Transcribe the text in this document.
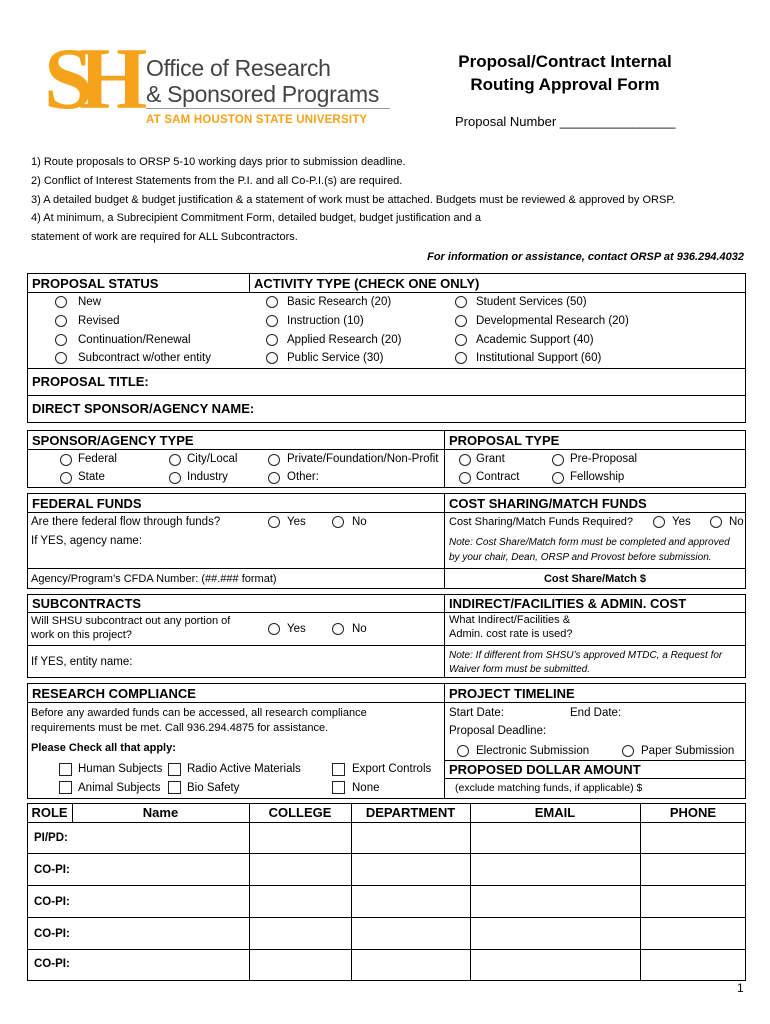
SH Office of Research
& Sponsored Programs
AT SAM HOUSTON STATE UNIVERSITY
Proposal/Contract Internal
Routing Approval Form
Proposal Number ________________
1) Route proposals to ORSP 5-10 working days prior to submission deadline.
2) Conflict of Interest Statements from the P.I. and all Co-P.I.(s) are required.
3) A detailed budget & budget justification & a statement of work must be attached. Budgets must be reviewed & approved by ORSP.
4) At minimum, a Subrecipient Commitment Form, detailed budget, budget justification and a
statement of work are required for ALL Subcontractors.
For information or assistance, contact ORSP at 936.294.4032
PROPOSAL STATUS	ACTIVITY TYPE (CHECK ONE ONLY)
New
Revised
Continuation/Renewal
Subcontract w/other entity
Basic Research (20)
Instruction (10)
Applied Research (20)
Public Service (30)
Student Services (50)
Developmental Research (20)
Academic Support (40)
Institutional Support (60)
PROPOSAL TITLE:
DIRECT SPONSOR/AGENCY NAME:
SPONSOR/AGENCY TYPE
Federal
State
City/Local
Industry
Private/Foundation/Non-Profit
Other:
PROPOSAL TYPE
Grant
Contract
Pre-Proposal
Fellowship
FEDERAL FUNDS
Are there federal flow through funds?	Yes	No
If YES, agency name:
Agency/Program’s CFDA Number: (##.### format)
COST SHARING/MATCH FUNDS
Cost Sharing/Match Funds Required?	Yes	No
Note: Cost Share/Match form must be completed and approved
by your chair, Dean, ORSP and Provost before submission.
Cost Share/Match $
SUBCONTRACTS
Will SHSU subcontract out any portion of
work on this project?	Yes	No
If YES, entity name:
INDIRECT/FACILITIES & ADMIN. COST
What Indirect/Facilities &
Admin. cost rate is used?
Note: If different from SHSU’s approved MTDC, a Request for
Waiver form must be submitted.
RESEARCH COMPLIANCE
Before any awarded funds can be accessed, all research compliance
requirements must be met. Call 936.294.4875 for assistance.
Please Check all that apply:
Human Subjects
Animal Subjects
Radio Active Materials
Bio Safety
Export Controls
None
PROJECT TIMELINE
Start Date:	End Date:
Proposal Deadline:
Electronic Submission	Paper Submission
PROPOSED DOLLAR AMOUNT
(exclude matching funds, if applicable) $
ROLE	Name	COLLEGE	DEPARTMENT	EMAIL	PHONE
PI/PD:
CO-PI:
CO-PI:
CO-PI:
CO-PI:
1
